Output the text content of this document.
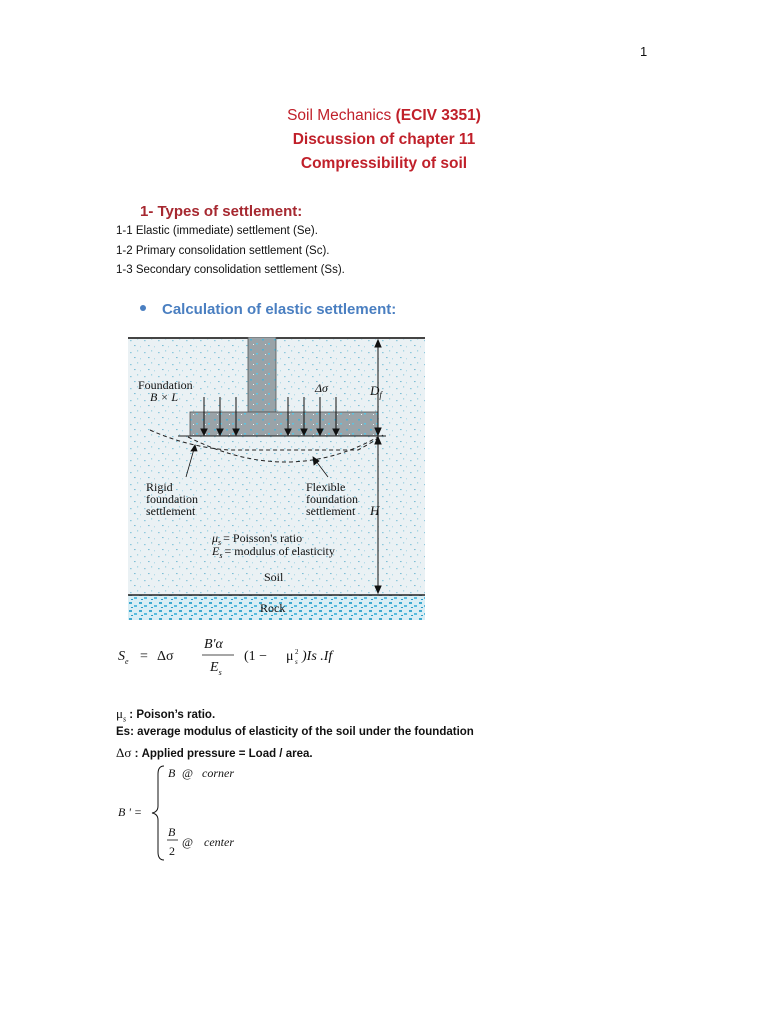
1
Soil Mechanics (ECIV 3351)
Discussion of chapter 11
Compressibility of soil
1- Types of settlement:
1-1 Elastic (immediate) settlement (Se).
1-2 Primary consolidation settlement (Sc).
1-3 Secondary consolidation settlement (Ss).
Calculation of elastic settlement:
Foundation
B × L
Δσ	$D_f$
Rigid
foundation
settlement
Flexible
foundation
settlement H
$\mu_s$ = Poisson's ratio
$E_s$ = modulus of elasticity
Soil
Rock
$S_e = \Delta\sigma$
B'α
$E_s$
(1 − μ 2
s )Is .If
$\mu_s$ : Poison’s ratio.
Es: average modulus of elasticity of the soil under the foundation
Δσ : Applied pressure = Load / area.
B ' =
B @ corner
B
2
@ center
